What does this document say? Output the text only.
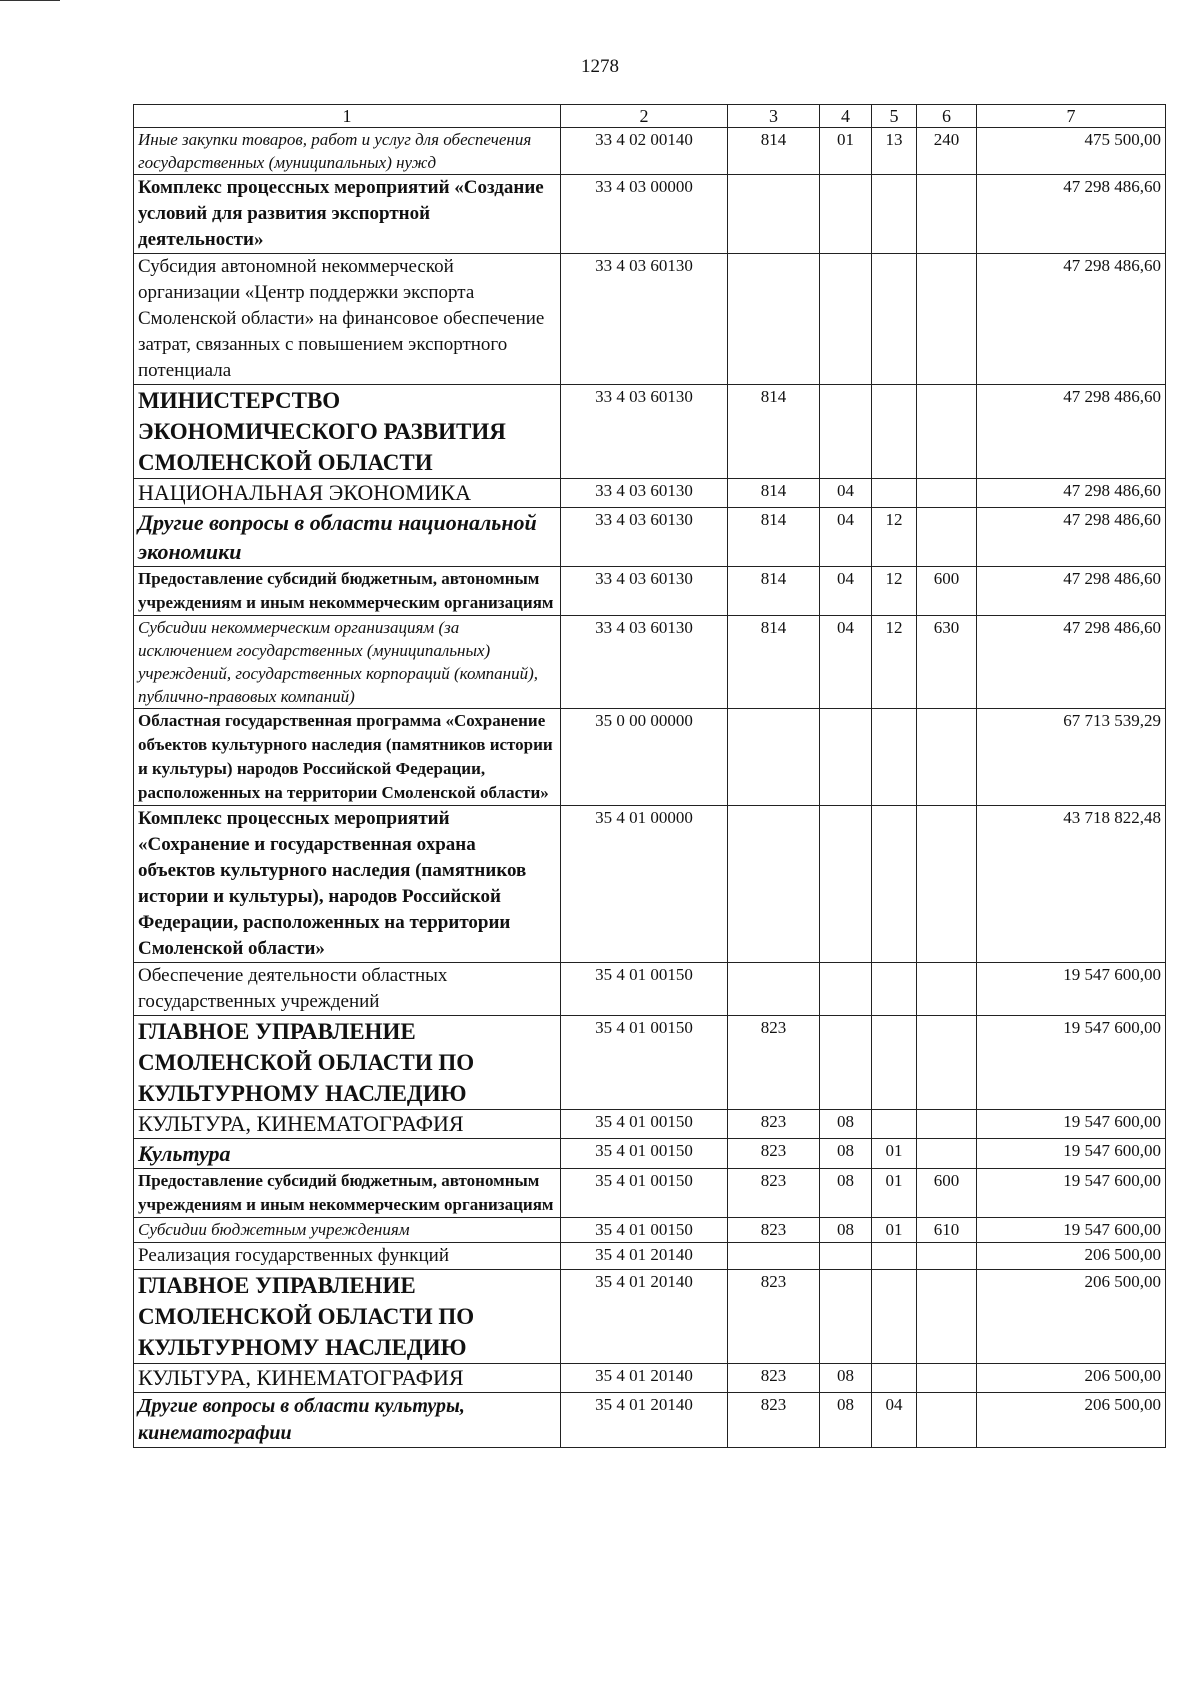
1278
1	2	3	4	5	6	7
Иные закупки товаров, работ и услуг для обеспечения государственных (муниципальных) нужд	33 4 02 00140	814	01	13	240	475 500,00
Комплекс процессных мероприятий «Создание условий для развития экспортной деятельности»	33 4 03 00000					47 298 486,60
Субсидия автономной некоммерческой организации «Центр поддержки экспорта Смоленской области» на финансовое обеспечение затрат, связанных с повышением экспортного потенциала	33 4 03 60130					47 298 486,60
МИНИСТЕРСТВО ЭКОНОМИЧЕСКОГО РАЗВИТИЯ СМОЛЕНСКОЙ ОБЛАСТИ	33 4 03 60130	814				47 298 486,60
НАЦИОНАЛЬНАЯ ЭКОНОМИКА	33 4 03 60130	814	04			47 298 486,60
Другие вопросы в области национальной экономики	33 4 03 60130	814	04	12		47 298 486,60
Предоставление субсидий бюджетным, автономным учреждениям и иным некоммерческим организациям	33 4 03 60130	814	04	12	600	47 298 486,60
Субсидии некоммерческим организациям (за исключением государственных (муниципальных) учреждений, государственных корпораций (компаний), публично-правовых компаний)	33 4 03 60130	814	04	12	630	47 298 486,60
Областная государственная программа «Сохранение объектов культурного наследия (памятников истории и культуры) народов Российской Федерации, расположенных на территории Смоленской области»	35 0 00 00000					67 713 539,29
Комплекс процессных мероприятий «Сохранение и государственная охрана объектов культурного наследия (памятников истории и культуры), народов Российской Федерации, расположенных на территории Смоленской области»	35 4 01 00000					43 718 822,48
Обеспечение деятельности областных государственных учреждений	35 4 01 00150					19 547 600,00
ГЛАВНОЕ УПРАВЛЕНИЕ СМОЛЕНСКОЙ ОБЛАСТИ ПО КУЛЬТУРНОМУ НАСЛЕДИЮ	35 4 01 00150	823				19 547 600,00
КУЛЬТУРА, КИНЕМАТОГРАФИЯ	35 4 01 00150	823	08			19 547 600,00
Культура	35 4 01 00150	823	08	01		19 547 600,00
Предоставление субсидий бюджетным, автономным учреждениям и иным некоммерческим организациям	35 4 01 00150	823	08	01	600	19 547 600,00
Субсидии бюджетным учреждениям	35 4 01 00150	823	08	01	610	19 547 600,00
Реализация государственных функций	35 4 01 20140					206 500,00
ГЛАВНОЕ УПРАВЛЕНИЕ СМОЛЕНСКОЙ ОБЛАСТИ ПО КУЛЬТУРНОМУ НАСЛЕДИЮ	35 4 01 20140	823				206 500,00
КУЛЬТУРА, КИНЕМАТОГРАФИЯ	35 4 01 20140	823	08			206 500,00
Другие вопросы в области культуры, кинематографии	35 4 01 20140	823	08	04		206 500,00
